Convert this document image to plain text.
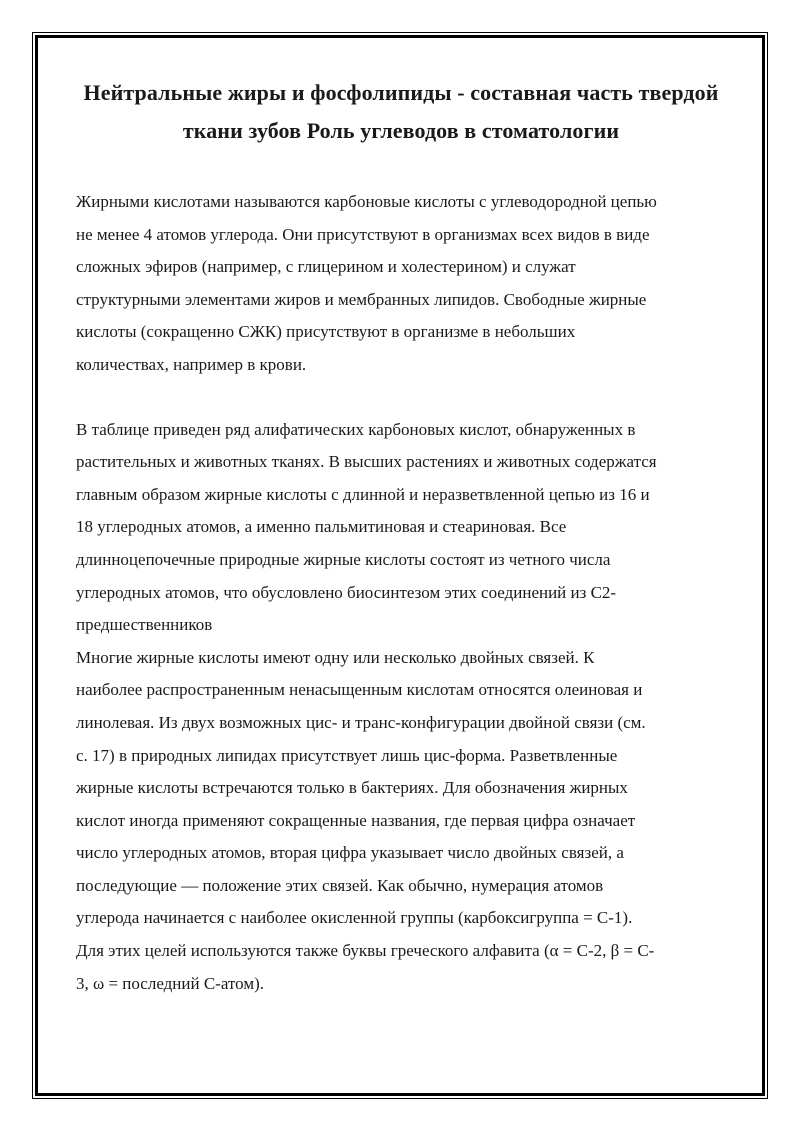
Нейтральные жиры и фосфолипиды - составная часть твердой ткани зубов Роль углеводов в стоматологии

Жирными кислотами называются карбоновые кислоты с углеводородной цепью
не менее 4 атомов углерода. Они присутствуют в организмах всех видов в виде
сложных эфиров (например, с глицерином и холестерином) и служат
структурными элементами жиров и мембранных липидов. Свободные жирные
кислоты (сокращенно СЖК) присутствуют в организме в небольших
количествах, например в крови.

В таблице приведен ряд алифатических карбоновых кислот, обнаруженных в
растительных и животных тканях. В высших растениях и животных содержатся
главным образом жирные кислоты с длинной и неразветвленной цепью из 16 и
18 углеродных атомов, а именно пальмитиновая и стеариновая. Все
длинноцепочечные природные жирные кислоты состоят из четного числа
углеродных атомов, что обусловлено биосинтезом этих соединений из С2-
предшественников

Многие жирные кислоты имеют одну или несколько двойных связей. К
наиболее распространенным ненасыщенным кислотам относятся олеиновая и
линолевая. Из двух возможных цис- и транс-конфигурации двойной связи (см.
с. 17) в природных липидах присутствует лишь цис-форма. Разветвленные
жирные кислоты встречаются только в бактериях. Для обозначения жирных
кислот иногда применяют сокращенные названия, где первая цифра означает
число углеродных атомов, вторая цифра указывает число двойных связей, а
последующие — положение этих связей. Как обычно, нумерация атомов
углерода начинается с наиболее окисленной группы (карбоксигруппа = С-1).
Для этих целей используются также буквы греческого алфавита (α = С-2, β = С-
3, ω = последний С-атом).
